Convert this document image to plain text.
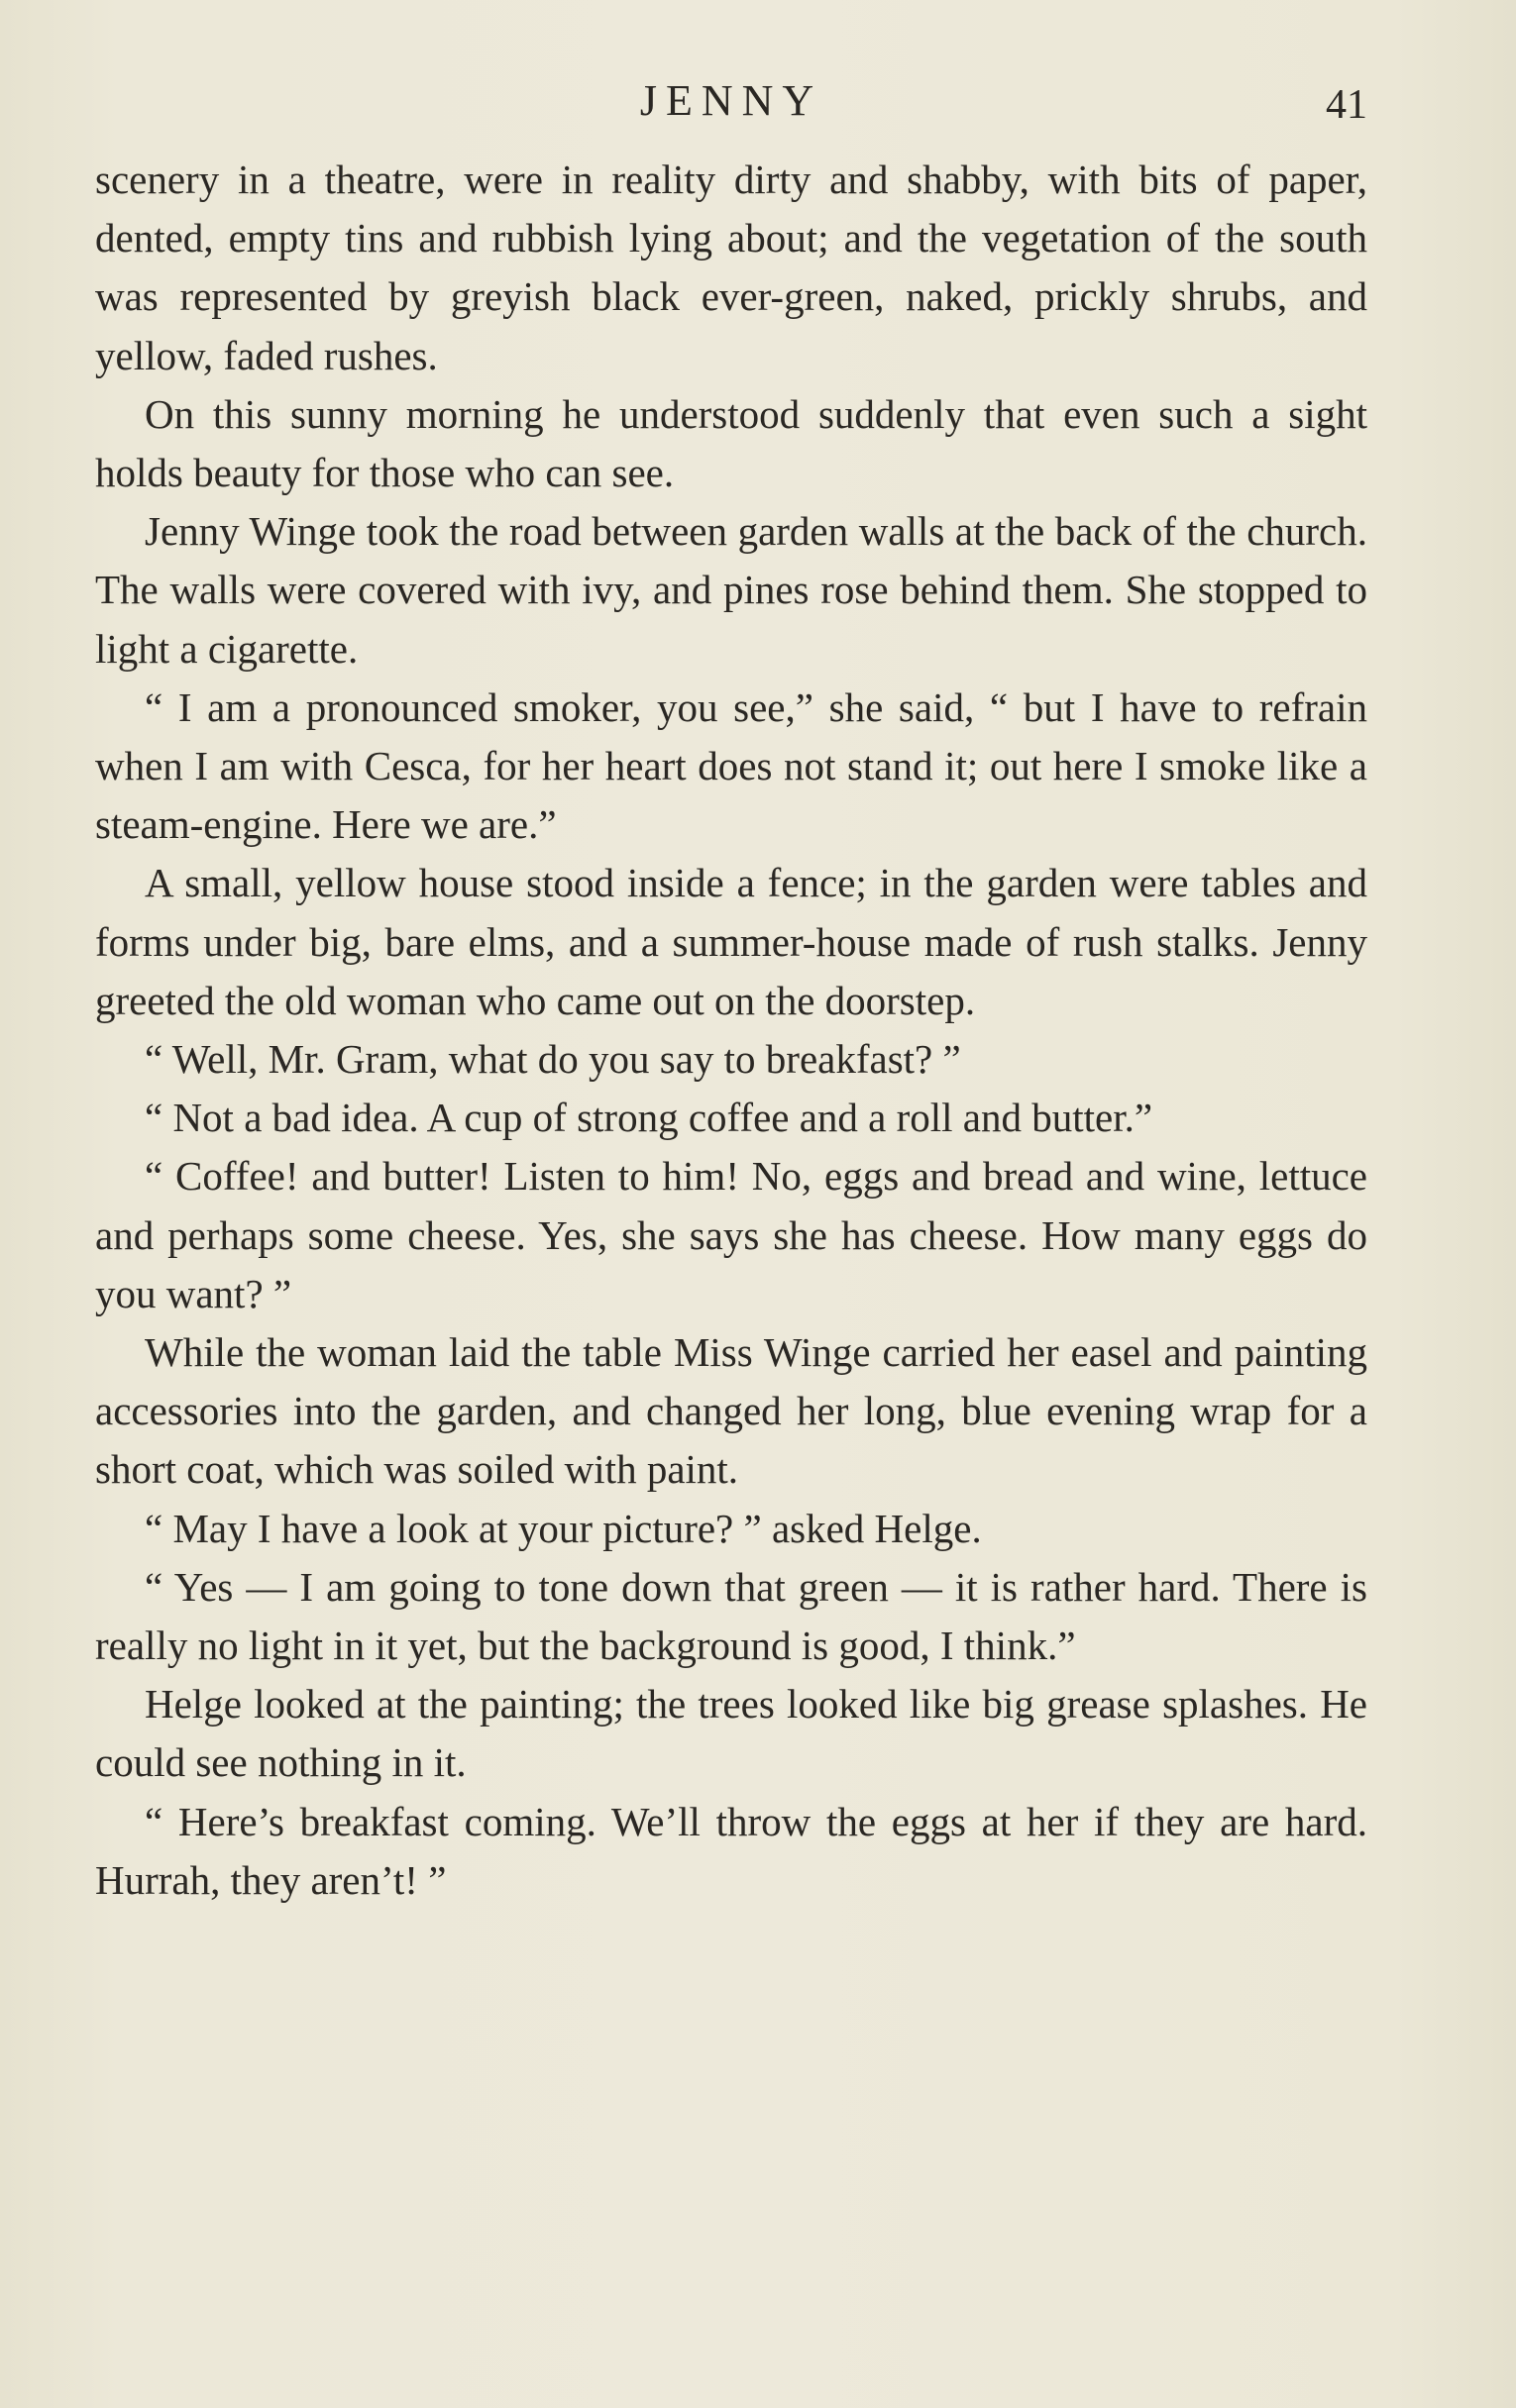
JENNY	41

scenery in a theatre, were in reality dirty and shabby, with bits of paper, dented, empty tins and rubbish lying about; and the vegetation of the south was represented by greyish black ever-green, naked, prickly shrubs, and yellow, faded rushes.

On this sunny morning he understood suddenly that even such a sight holds beauty for those who can see.

Jenny Winge took the road between garden walls at the back of the church. The walls were covered with ivy, and pines rose behind them. She stopped to light a cigarette.

“ I am a pronounced smoker, you see,” she said, “ but I have to refrain when I am with Cesca, for her heart does not stand it; out here I smoke like a steam-engine. Here we are.”

A small, yellow house stood inside a fence; in the garden were tables and forms under big, bare elms, and a summer-house made of rush stalks. Jenny greeted the old woman who came out on the doorstep.

“ Well, Mr. Gram, what do you say to breakfast? ”

“ Not a bad idea. A cup of strong coffee and a roll and butter.”

“ Coffee! and butter! Listen to him! No, eggs and bread and wine, lettuce and perhaps some cheese. Yes, she says she has cheese. How many eggs do you want? ”

While the woman laid the table Miss Winge carried her easel and painting accessories into the garden, and changed her long, blue evening wrap for a short coat, which was soiled with paint.

“ May I have a look at your picture? ” asked Helge.

“ Yes — I am going to tone down that green — it is rather hard. There is really no light in it yet, but the background is good, I think.”

Helge looked at the painting; the trees looked like big grease splashes. He could see nothing in it.

“ Here’s breakfast coming. We’ll throw the eggs at her if they are hard. Hurrah, they aren’t! ”
